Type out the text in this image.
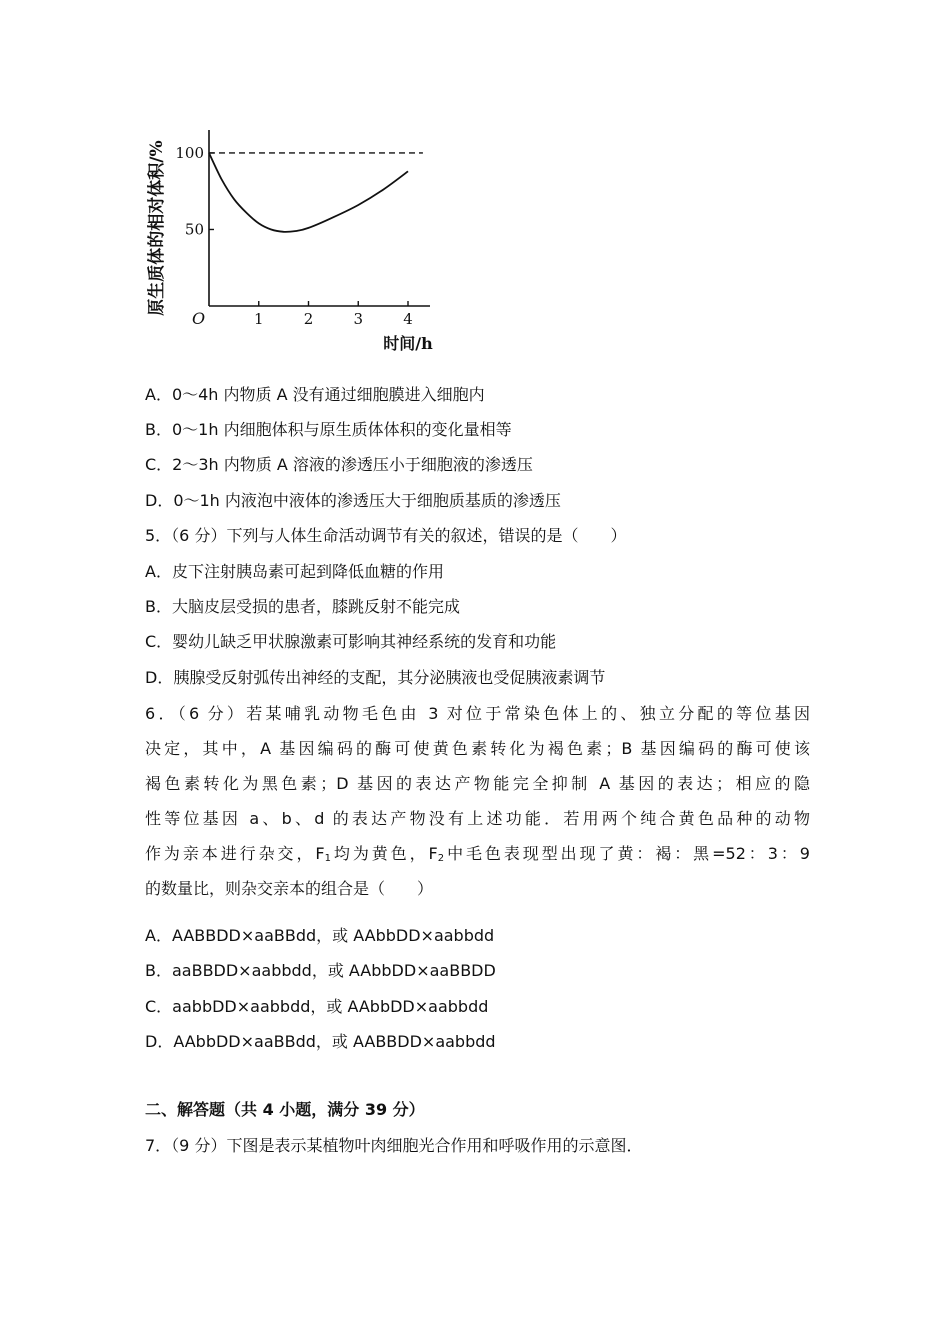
原生质体的相对体积/%
O
时间/h
1	2	3	4
100
50
A．0～4h 内物质 A 没有通过细胞膜进入细胞内
B．0～1h 内细胞体积与原生质体体积的变化量相等
C．2～3h 内物质 A 溶液的渗透压小于细胞液的渗透压
D．0～1h 内液泡中液体的渗透压大于细胞质基质的渗透压
5．（6 分）下列与人体生命活动调节有关的叙述，错误的是（　　）
A．皮下注射胰岛素可起到降低血糖的作用
B．大脑皮层受损的患者，膝跳反射不能完成
C．婴幼儿缺乏甲状腺激素可影响其神经系统的发育和功能
D．胰腺受反射弧传出神经的支配，其分泌胰液也受促胰液素调节
6．（6 分）若某哺乳动物毛色由 3 对位于常染色体上的、独立分配的等位基因
决定，其中，A 基因编码的酶可使黄色素转化为褐色素；B 基因编码的酶可使该
褐色素转化为黑色素；D 基因的表达产物能完全抑制 A 基因的表达；相应的隐
性等位基因 a、b、d 的表达产物没有上述功能．若用两个纯合黄色品种的动物
作为亲本进行杂交，$F_1$均为黄色，$F_2$中毛色表现型出现了黄：褐：黑=52：3：9
的数量比，则杂交亲本的组合是（　　）
A．AABBDD×aaBBdd，或 AAbbDD×aabbdd
B．aaBBDD×aabbdd，或 AAbbDD×aaBBDD
C．aabbDD×aabbdd，或 AAbbDD×aabbdd
D．AAbbDD×aaBBdd，或 AABBDD×aabbdd
二、解答题（共 4 小题，满分 39 分）
7．（9 分）下图是表示某植物叶肉细胞光合作用和呼吸作用的示意图．
